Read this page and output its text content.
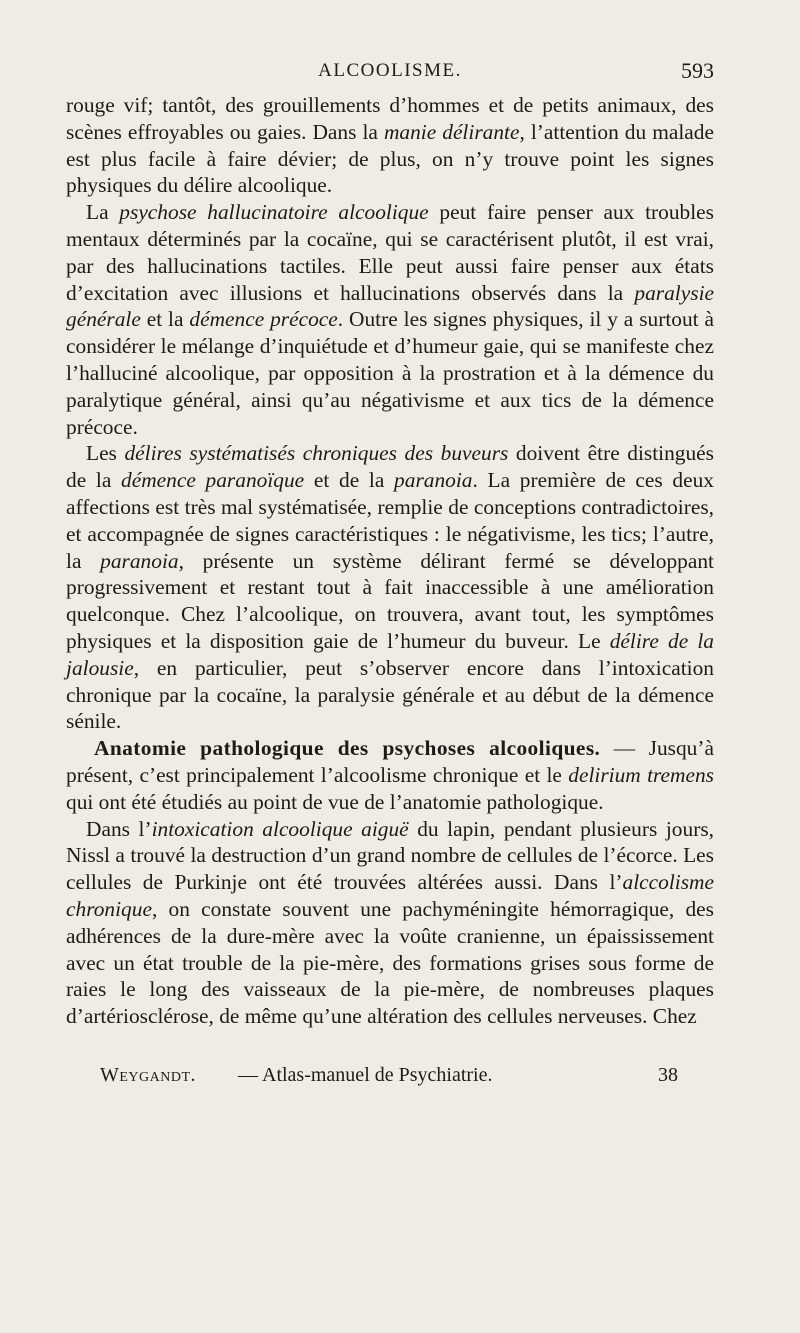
ALCOOLISME.	593

rouge vif; tantôt, des grouillements d’hommes et de petits animaux, des scènes effroyables ou gaies. Dans la manie délirante, l’attention du malade est plus facile à faire dévier; de plus, on n’y trouve point les signes physiques du délire alcoolique.

La psychose hallucinatoire alcoolique peut faire penser aux troubles mentaux déterminés par la cocaïne, qui se caractérisent plutôt, il est vrai, par des hallucinations tactiles. Elle peut aussi faire penser aux états d’excitation avec illusions et hallucinations observés dans la paralysie générale et la démence précoce. Outre les signes physiques, il y a surtout à considérer le mélange d’inquiétude et d’humeur gaie, qui se manifeste chez l’halluciné alcoolique, par opposition à la prostration et à la démence du paralytique général, ainsi qu’au négativisme et aux tics de la démence précoce.

Les délires systématisés chroniques des buveurs doivent être distingués de la démence paranoïque et de la paranoia. La première de ces deux affections est très mal systématisée, remplie de conceptions contradictoires, et accompagnée de signes caractéristiques : le négativisme, les tics; l’autre, la paranoia, présente un système délirant fermé se développant progressivement et restant tout à fait inaccessible à une amélioration quelconque. Chez l’alcoolique, on trouvera, avant tout, les symptômes physiques et la disposition gaie de l’humeur du buveur. Le délire de la jalousie, en particulier, peut s’observer encore dans l’intoxication chronique par la cocaïne, la paralysie générale et au début de la démence sénile.

Anatomie pathologique des psychoses alcooliques. — Jusqu’à présent, c’est principalement l’alcoolisme chronique et le delirium tremens qui ont été étudiés au point de vue de l’anatomie pathologique.

Dans l’intoxication alcoolique aiguë du lapin, pendant plusieurs jours, Nissl a trouvé la destruction d’un grand nombre de cellules de l’écorce. Les cellules de Purkinje ont été trouvées altérées aussi. Dans l’alccolisme chronique, on constate souvent une pachyméningite hémorragique, des adhérences de la dure-mère avec la voûte cranienne, un épaississement avec un état trouble de la pie-mère, des formations grises sous forme de raies le long des vaisseaux de la pie-mère, de nombreuses plaques d’artériosclérose, de même qu’une altération des cellules nerveuses. Chez

Weygandt. — Atlas-manuel de Psychiatrie.	38
